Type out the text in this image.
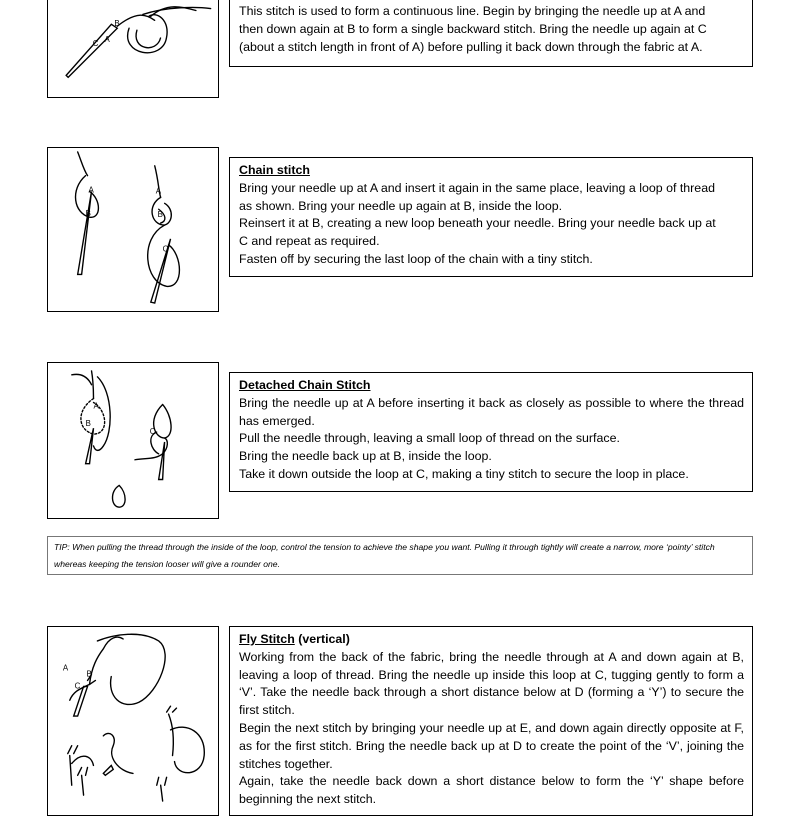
A
B
C

This stitch is used to form a continuous line. Begin by bringing the needle up at A and

then down again at B to form a single backward stitch. Bring the needle up again at C

(about a stitch length in front of A) before pulling it back down through the fabric at A.

A
B
A
B
C

Chain stitch

Bring your needle up at A and insert it again in the same place, leaving a loop of thread

as shown. Bring your needle up again at B, inside the loop.

Reinsert it at B, creating a new loop beneath your needle. Bring your needle back up at

C and repeat as required.

Fasten off by securing the last loop of the chain with a tiny stitch.

A
B
C

Detached Chain Stitch

Bring the needle up at A before inserting it back as closely as possible to where the thread has emerged.

Pull the needle through, leaving a small loop of thread on the surface.

Bring the needle back up at B, inside the loop.

Take it down outside the loop at C, making a tiny stitch to secure the loop in place.

TIP: When pulling the thread through the inside of the loop, control the tension to achieve the shape you want. Pulling it through tightly will create a narrow, more ‘pointy’ stitch whereas keeping the tension looser will give a rounder one.

A
B
C

Fly Stitch (vertical)

Working from the back of the fabric, bring the needle through at A and down again at B, leaving a loop of thread. Bring the needle up inside this loop at C, tugging gently to form a ‘V’. Take the needle back through a short distance below at D (forming a ‘Y’) to secure the first stitch.

Begin the next stitch by bringing your needle up at E, and down again directly opposite at F, as for the first stitch. Bring the needle back up at D to create the point of the ‘V’, joining the stitches together.

Again, take the needle back down a short distance below to form the ‘Y’ shape before beginning the next stitch.
